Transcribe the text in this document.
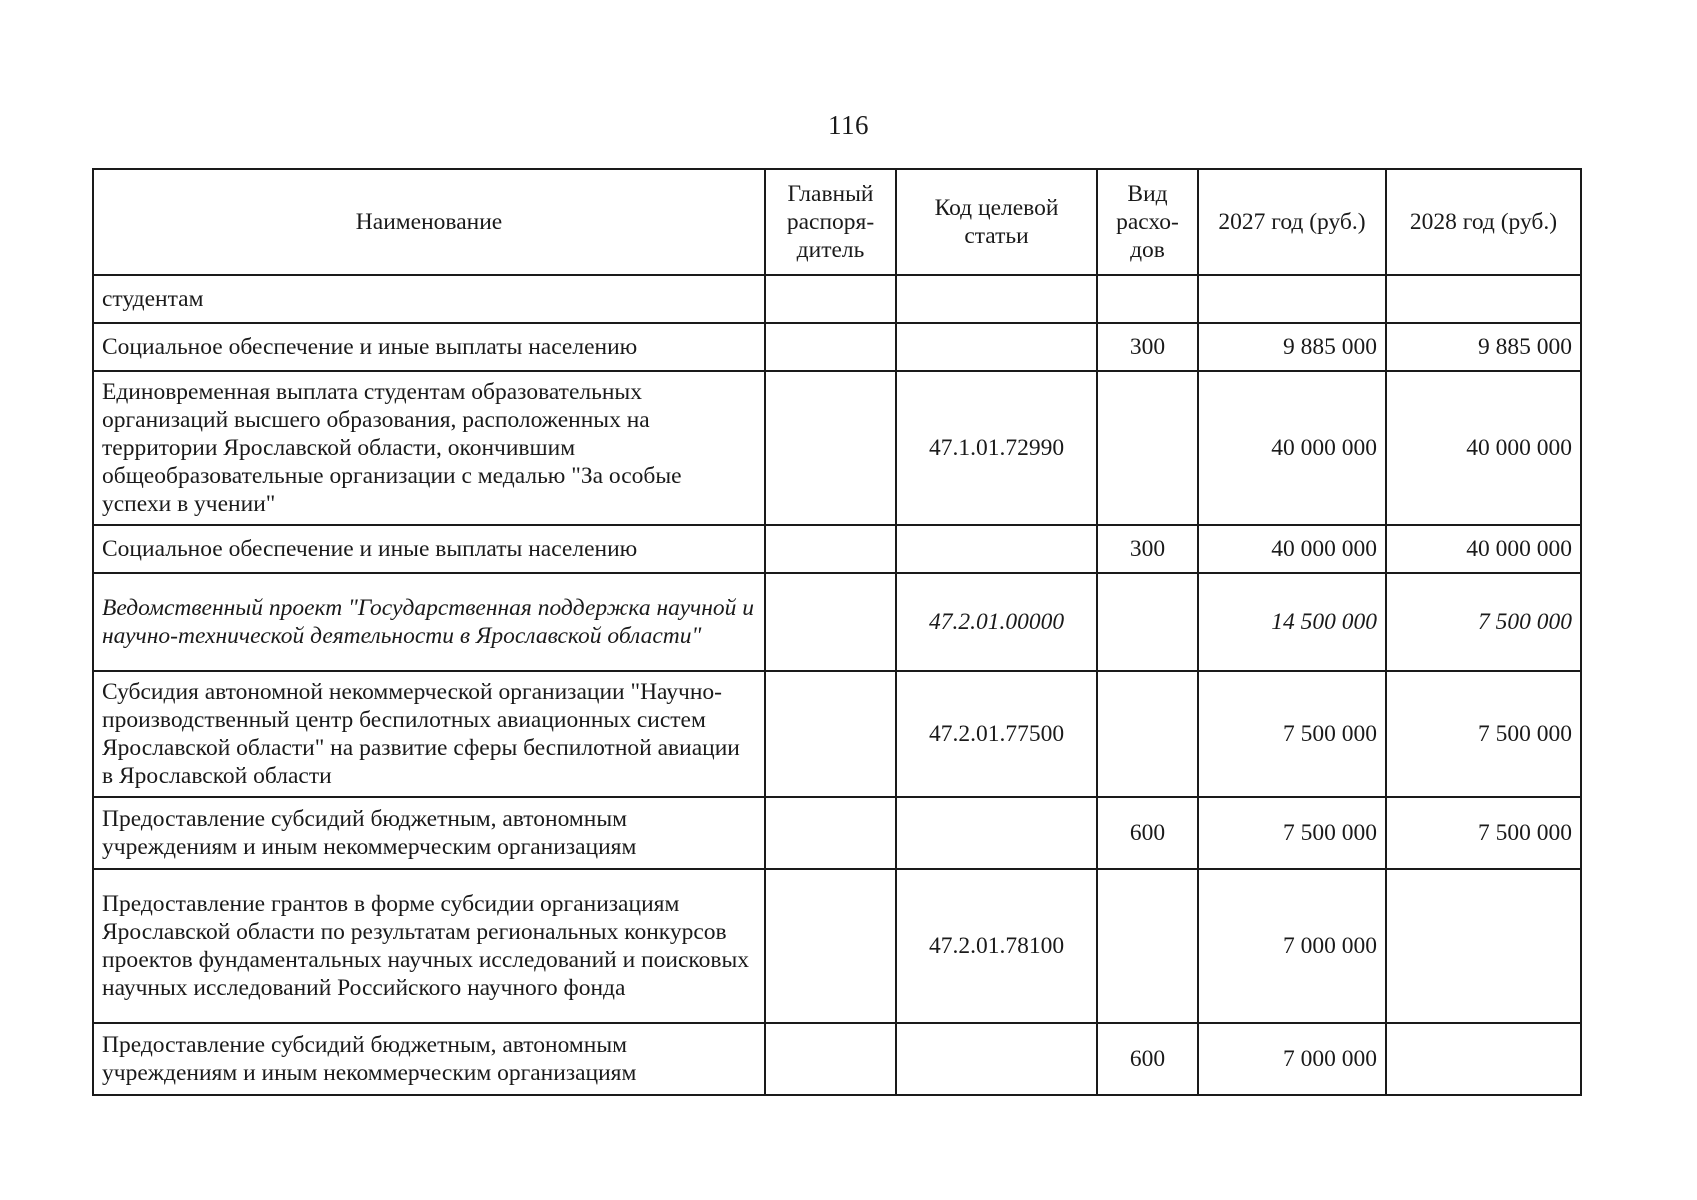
116
Наименование	Главный распоря-дитель	Код целевой статьи	Вид расхо-дов	2027 год (руб.)	2028 год (руб.)
студентам					
Социальное обеспечение и иные выплаты населению			300	9 885 000	9 885 000
Единовременная выплата студентам образовательных организаций высшего образования, расположенных на территории Ярославской области, окончившим общеобразовательные организации с медалью "За особые успехи в учении"		47.1.01.72990		40 000 000	40 000 000
Социальное обеспечение и иные выплаты населению			300	40 000 000	40 000 000
Ведомственный проект "Государственная поддержка научной и научно-технической деятельности в Ярославской области"		47.2.01.00000		14 500 000	7 500 000
Субсидия автономной некоммерческой организации "Научно-производственный центр беспилотных авиационных систем Ярославской области" на развитие сферы беспилотной авиации в Ярославской области		47.2.01.77500		7 500 000	7 500 000
Предоставление субсидий бюджетным, автономным учреждениям и иным некоммерческим организациям			600	7 500 000	7 500 000
Предоставление грантов в форме субсидии организациям Ярославской области по результатам региональных конкурсов проектов фундаментальных научных исследований и поисковых научных исследований Российского научного фонда		47.2.01.78100		7 000 000	
Предоставление субсидий бюджетным, автономным учреждениям и иным некоммерческим организациям			600	7 000 000	
